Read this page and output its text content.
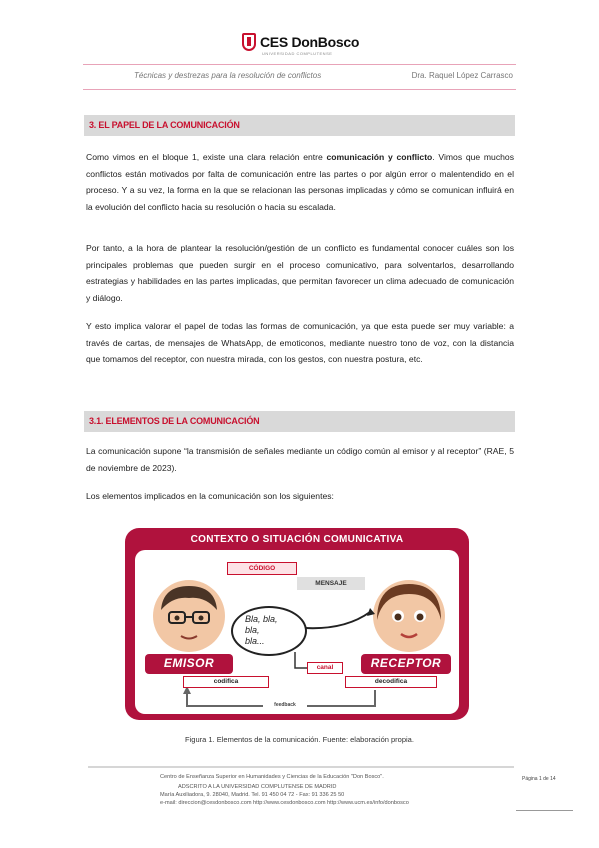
CES DonBosco
UNIVERSIDAD COMPLUTENSE
Técnicas y destrezas para la resolución de conflictos	Dra. Raquel López Carrasco
3. EL PAPEL DE LA COMUNICACIÓN

Como vimos en el bloque 1, existe una clara relación entre comunicación y conflicto. Vimos que muchos conflictos están motivados por falta de comunicación entre las partes o por algún error o malentendido en el proceso. Y a su vez, la forma en la que se relacionan las personas implicadas y cómo se comunican influirá en la evolución del conflicto hacia su resolución o hacia su escalada.

Por tanto, a la hora de plantear la resolución/gestión de un conflicto es fundamental conocer cuáles son los principales problemas que pueden surgir en el proceso comunicativo, para solventarlos, desarrollando estrategias y habilidades en las partes implicadas, que permitan favorecer un clima adecuado de comunicación y diálogo.

Y esto implica valorar el papel de todas las formas de comunicación, ya que esta puede ser muy variable: a través de cartas, de mensajes de WhatsApp, de emoticonos, mediante nuestro tono de voz, con la distancia que tomamos del receptor, con nuestra mirada, con los gestos, con nuestra postura, etc.

3.1. ELEMENTOS DE LA COMUNICACIÓN

La comunicación supone “la transmisión de señales mediante un código común al emisor y al receptor” (RAE, 5 de noviembre de 2023).

Los elementos implicados en la comunicación son los siguientes:

CONTEXTO O SITUACIÓN COMUNICATIVA
CÓDIGO
MENSAJE
Bla, bla,
bla,
bla...
canal
EMISOR	RECEPTOR
codifica	decodifica
feedback
Figura 1. Elementos de la comunicación. Fuente: elaboración propia.
Centro de Enseñanza Superior en Humanidades y Ciencias de la Educación "Don Bosco".
ADSCRITO A LA UNIVERSIDAD COMPLUTENSE DE MADRID
María Auxiliadora, 9. 28040, Madrid. Tel. 91 450 04 72 - Fax: 91 336 25 50
e-mail: direccion@cesdonbosco.com http://www.cesdonbosco.com http://www.ucm.es/info/donbosco
Página 1 de 14
